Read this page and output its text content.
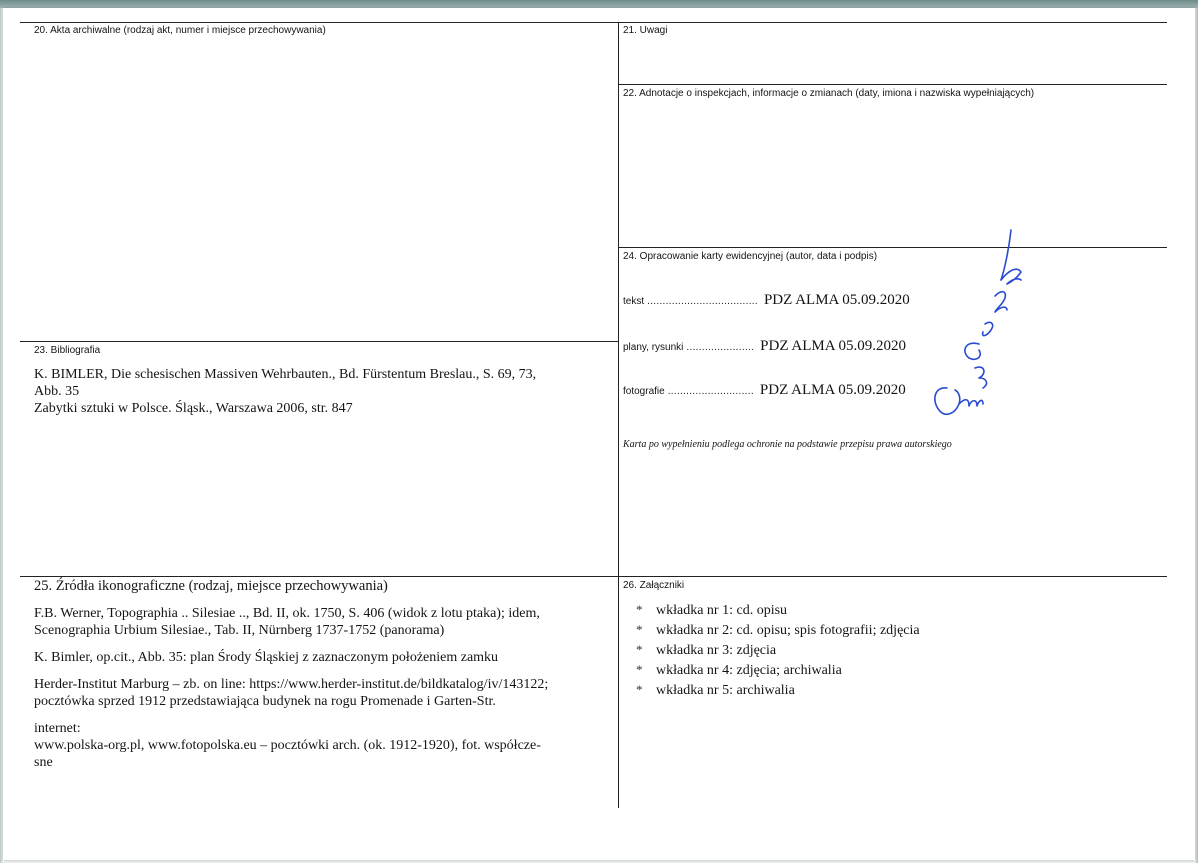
20. Akta archiwalne (rodzaj akt, numer i miejsce przechowywania)	21. Uwagi
22. Adnotacje o inspekcjach, informacje o zmianach (daty, imiona i nazwiska wypełniających)
24. Opracowanie karty ewidencyjnej (autor, data i podpis)
23. Bibliografia
25. Źródła ikonograficzne (rodzaj, miejsce przechowywania)	26. Załączniki
K. BIMLER, Die schesischen Massiven Wehrbauten., Bd. Fürstentum Breslau., S. 69, 73,
Abb. 35
Zabytki sztuki w Polsce. Śląsk., Warszawa 2006, str. 847
tekst .................................... PDZ ALMA 05.09.2020
plany, rysunki ...................... PDZ ALMA 05.09.2020
fotografie ............................ PDZ ALMA 05.09.2020
Karta po wypełnieniu podlega ochronie na podstawie przepisu prawa autorskiego
F.B. Werner, Topographia .. Silesiae .., Bd. II, ok. 1750, S. 406 (widok z lotu ptaka); idem,
Scenographia Urbium Silesiae., Tab. II, Nürnberg 1737-1752 (panorama)
K. Bimler, op.cit., Abb. 35: plan Środy Śląskiej z zaznaczonym położeniem zamku
Herder-Institut Marburg – zb. on line: https://www.herder-institut.de/bildkatalog/iv/143122;
pocztówka sprzed 1912 przedstawiająca budynek na rogu Promenade i Garten-Str.
internet:
www.polska-org.pl, www.fotopolska.eu – pocztówki arch. (ok. 1912-1920), fot. współcze-
sne
* wkładka nr 1: cd. opisu
* wkładka nr 2: cd. opisu; spis fotografii; zdjęcia
* wkładka nr 3: zdjęcia
* wkładka nr 4: zdjęcia; archiwalia
* wkładka nr 5: archiwalia
